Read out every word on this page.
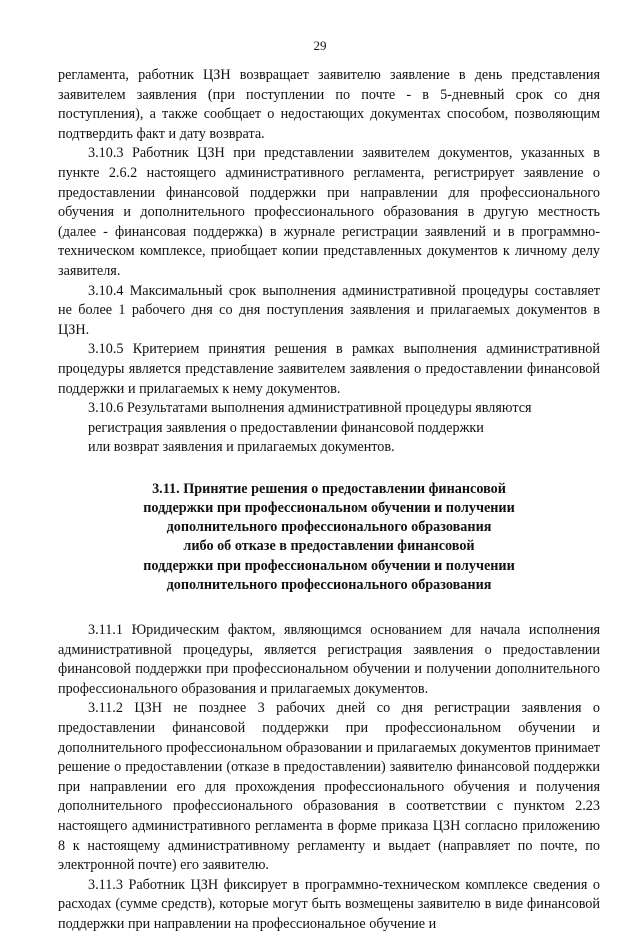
29

регламента, работник ЦЗН возвращает заявителю заявление в день представления заявителем заявления (при поступлении по почте - в 5-дневный срок со дня поступления), а также сообщает о недостающих документах способом, позволяющим подтвердить факт и дату возврата.

3.10.3 Работник ЦЗН при представлении заявителем документов, указанных в пункте 2.6.2 настоящего административного регламента, регистрирует заявление о предоставлении финансовой поддержки при направлении для профессионального обучения и дополнительного профессионального образования в другую местность (далее - финансовая поддержка) в журнале регистрации заявлений и в программно-техническом комплексе, приобщает копии представленных документов к личному делу заявителя.

3.10.4 Максимальный срок выполнения административной процедуры составляет не более 1 рабочего дня со дня поступления заявления и прилагаемых документов в ЦЗН.

3.10.5 Критерием принятия решения в рамках выполнения административной процедуры является представление заявителем заявления о предоставлении финансовой поддержки и прилагаемых к нему документов.

3.10.6 Результатами выполнения административной процедуры являются

регистрация заявления о предоставлении финансовой поддержки

или возврат заявления и прилагаемых документов.

3.11. Принятие решения о предоставлении финансовой
поддержки при профессиональном обучении и получении
дополнительного профессионального образования
либо об отказе в предоставлении финансовой
поддержки при профессиональном обучении и получении
дополнительного профессионального образования

3.11.1 Юридическим фактом, являющимся основанием для начала исполнения административной процедуры, является регистрация заявления о предоставлении финансовой поддержки при профессиональном обучении и получении дополнительного профессионального образования и прилагаемых документов.

3.11.2 ЦЗН не позднее 3 рабочих дней со дня регистрации заявления о предоставлении финансовой поддержки при профессиональном обучении и дополнительного профессиональном образовании и прилагаемых документов принимает решение о предоставлении (отказе в предоставлении) заявителю финансовой поддержки при направлении его для прохождения профессионального обучения и получения дополнительного профессионального образования в соответствии с пунктом 2.23 настоящего административного регламента в форме приказа ЦЗН согласно приложению 8 к настоящему административному регламенту и выдает (направляет по почте, по электронной почте) его заявителю.

3.11.3 Работник ЦЗН фиксирует в программно-техническом комплексе сведения о расходах (сумме средств), которые могут быть возмещены заявителю в виде финансовой поддержки при направлении на профессиональное обучение и
